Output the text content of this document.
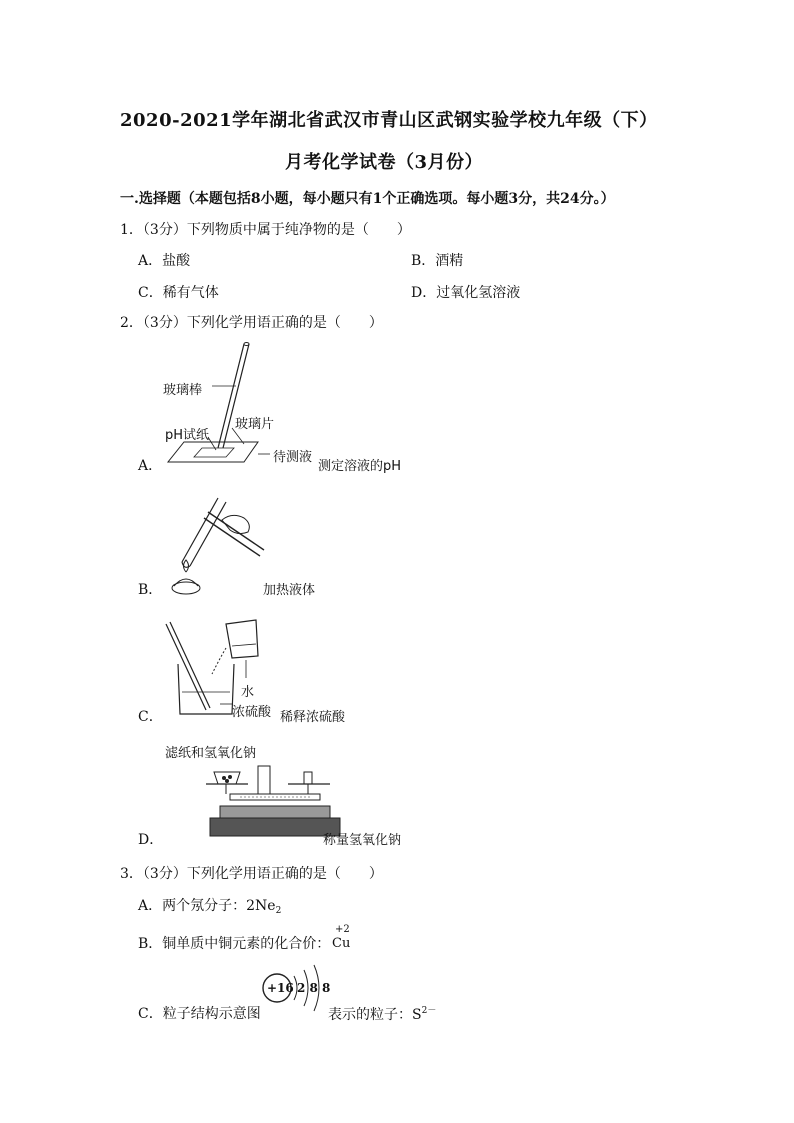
2020-2021学年湖北省武汉市青山区武钢实验学校九年级（下）
月考化学试卷（3月份）
一.选择题（本题包括8小题，每小题只有1个正确选项。每小题3分，共24分。）
1．（3分）下列物质中属于纯净物的是（　　）
A．盐酸	B．酒精
C．稀有气体	D．过氧化氢溶液
2．（3分）下列化学用语正确的是（　　）
A．
玻璃棒
玻璃片
pH试纸
待测液
测定溶液的pH
B．	加热液体
C．
水
浓硫酸 稀释浓硫酸
滤纸和氢氧化钠
D．	称量氢氧化钠
3．（3分）下列化学用语正确的是（　　）
A．两个氖分子：$2Ne_2$
B．铜单质中铜元素的化合价：
+2
Cu
C．粒子结构示意图
+16 2 8 8
表示的粒子：$S^{2-}$
